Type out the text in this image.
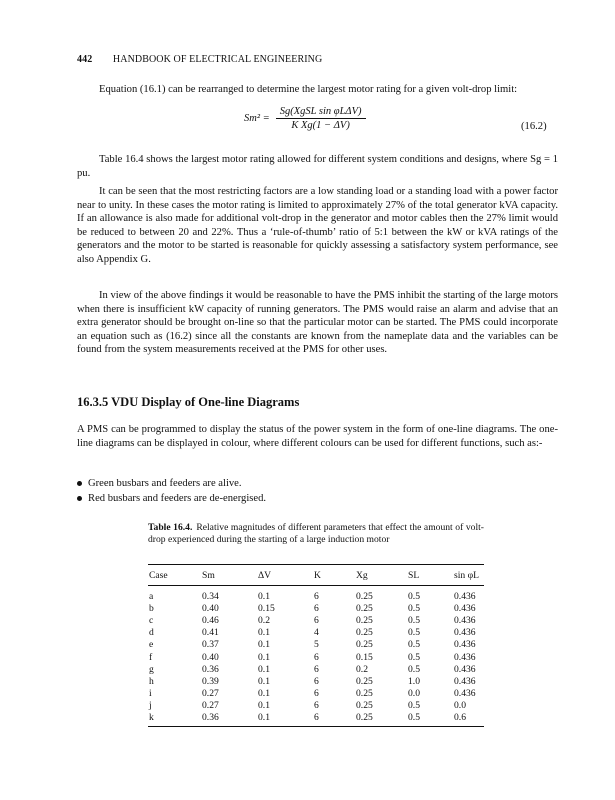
442 HANDBOOK OF ELECTRICAL ENGINEERING

Equation (16.1) can be rearranged to determine the largest motor rating for a given volt-drop limit:

$Sm^2 = \frac{\text{Sg(XgSL sin φLΔV)}}{\text{K Xg(1 − ΔV)}}$	(16.2)

Table 16.4 shows the largest motor rating allowed for different system conditions and designs, where Sg = 1 pu.

It can be seen that the most restricting factors are a low standing load or a standing load with a power factor near to unity. In these cases the motor rating is limited to approximately 27% of the total generator kVA capacity. If an allowance is also made for additional volt-drop in the generator and motor cables then the 27% limit would be reduced to between 20 and 22%. Thus a ‘rule-of-thumb’ ratio of 5:1 between the kW or kVA ratings of the generators and the motor to be started is reasonable for quickly assessing a satisfactory system performance, see also Appendix G.

In view of the above findings it would be reasonable to have the PMS inhibit the starting of the large motors when there is insufficient kW capacity of running generators. The PMS would raise an alarm and advise that an extra generator should be brought on-line so that the particular motor can be started. The PMS could incorporate an equation such as (16.2) since all the constants are known from the nameplate data and the variables can be found from the system measurements received at the PMS for other uses.

16.3.5 VDU Display of One-line Diagrams

A PMS can be programmed to display the status of the power system in the form of one-line diagrams. The one-line diagrams can be displayed in colour, where different colours can be used for different functions, such as:-

Green busbars and feeders are alive.
Red busbars and feeders are de-energised.
Table 16.4. Relative magnitudes of different parameters that effect the amount of volt-drop experienced during the starting of a large induction motor
Case	Sm	ΔV	K	Xg	SL	sin φL
a	0.34	0.1	6	0.25	0.5	0.436
b	0.40	0.15	6	0.25	0.5	0.436
c	0.46	0.2	6	0.25	0.5	0.436
d	0.41	0.1	4	0.25	0.5	0.436
e	0.37	0.1	5	0.25	0.5	0.436
f	0.40	0.1	6	0.15	0.5	0.436
g	0.36	0.1	6	0.2	0.5	0.436
h	0.39	0.1	6	0.25	1.0	0.436
i	0.27	0.1	6	0.25	0.0	0.436
j	0.27	0.1	6	0.25	0.5	0.0
k	0.36	0.1	6	0.25	0.5	0.6
